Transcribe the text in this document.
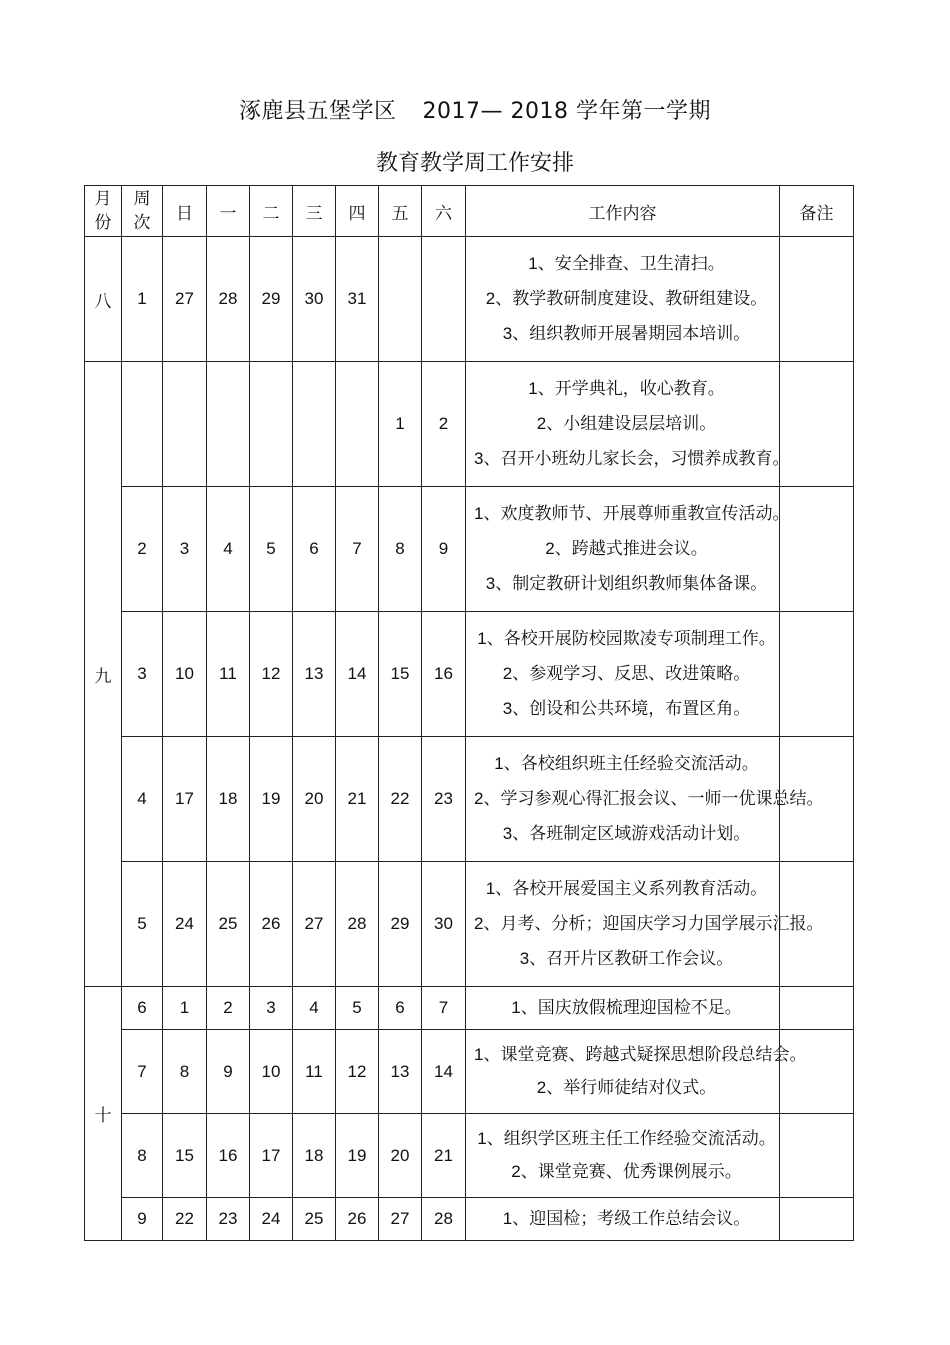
涿鹿县五堡学区 2017— 2018 学年第一学期
教育教学周工作安排
月
份	周
次	日	一	二	三	四	五	六	工作内容	备注
八	1	27	28	29	30	31			1、安全排查、卫生清扫。
2、教学教研制度建设、教研组建设。
3、组织教师开展暑期园本培训。	

九							1	2	1、开学典礼，收心教育。
2、小组建设层层培训。
3、召开小班幼儿家长会，习惯养成教育。	

	2	3	4	5	6	7	8	9	1、欢度教师节、开展尊师重教宣传活动。
2、跨越式推进会议。
3、制定教研计划组织教师集体备课。	

	3	10	11	12	13	14	15	16	1、各校开展防校园欺凌专项制理工作。
2、参观学习、反思、改进策略。
3、创设和公共环境，布置区角。	

	4	17	18	19	20	21	22	23	1、各校组织班主任经验交流活动。
2、学习参观心得汇报会议、一师一优课总结。
3、各班制定区域游戏活动计划。	

	5	24	25	26	27	28	29	30	1、各校开展爱国主义系列教育活动。
2、月考、分析；迎国庆学习力国学展示汇报。
3、召开片区教研工作会议。	

十	6	1	2	3	4	5	6	7	1、国庆放假梳理迎国检不足。	

	7	8	9	10	11	12	13	14	1、课堂竞赛、跨越式疑探思想阶段总结会。
2、举行师徒结对仪式。	

	8	15	16	17	18	19	20	21	1、组织学区班主任工作经验交流活动。
2、课堂竞赛、优秀课例展示。	

	9	22	23	24	25	26	27	28	1、迎国检；考级工作总结会议。	
